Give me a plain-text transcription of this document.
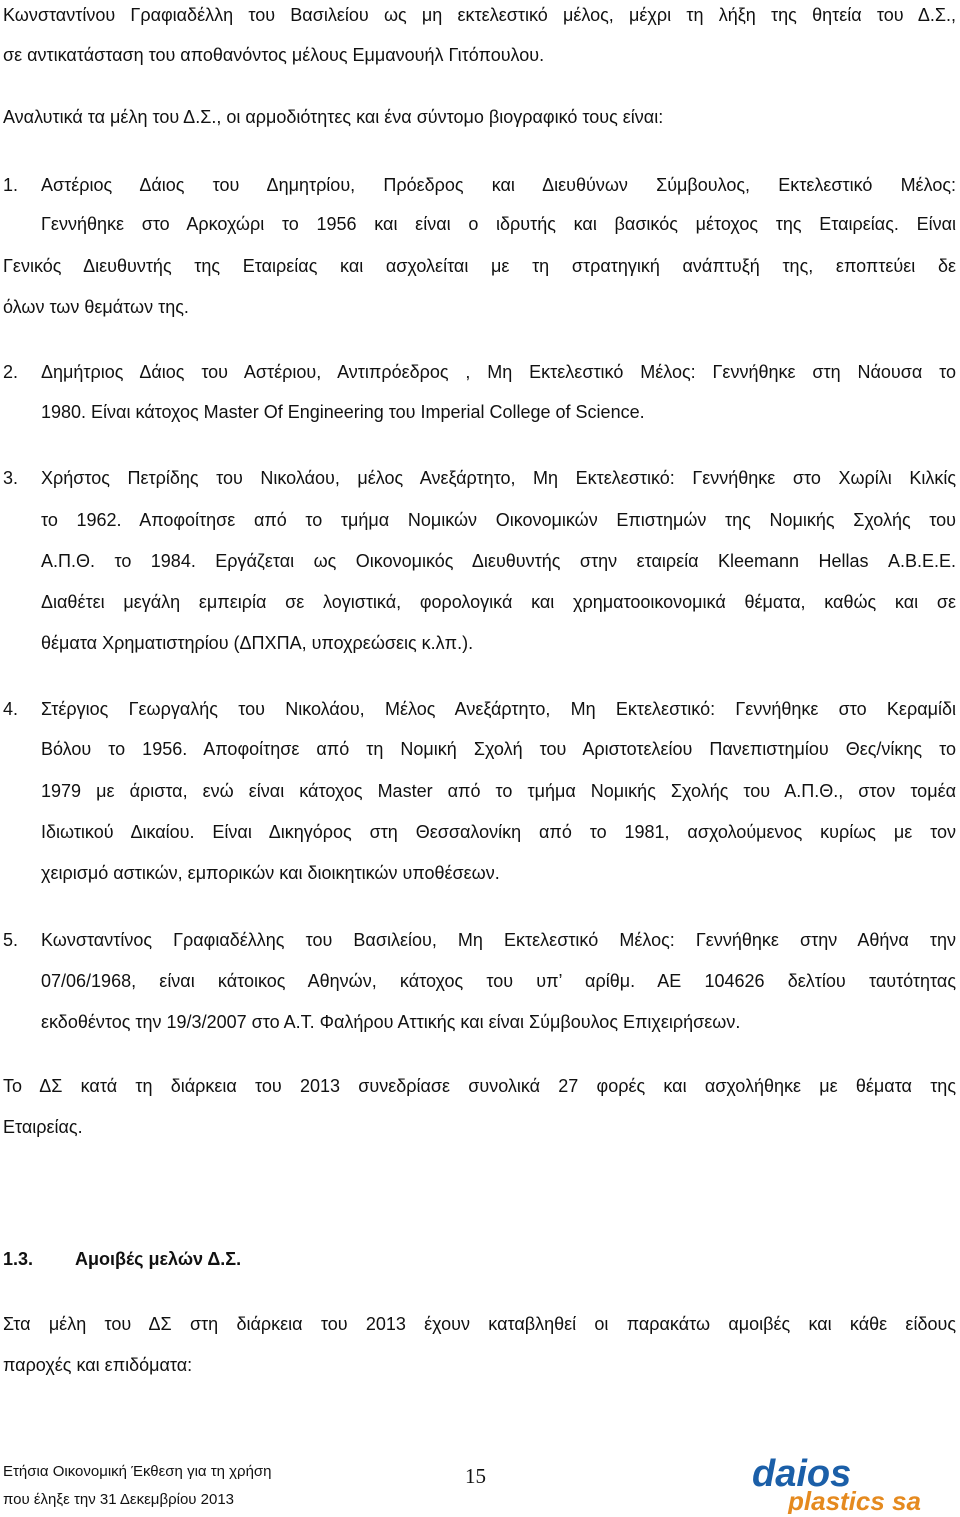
Κωνσταντίνου Γραφιαδέλλη του Βασιλείου ως μη εκτελεστικό μέλος, μέχρι τη λήξη της θητεία του Δ.Σ.,
σε αντικατάσταση του αποθανόντος μέλους Εμμανουήλ Γιτόπουλου.
Αναλυτικά τα μέλη του Δ.Σ., οι αρμοδιότητες και ένα σύντομο βιογραφικό τους είναι:
1. Αστέριος Δάιος του Δημητρίου, Πρόεδρος και Διευθύνων Σύμβουλος, Εκτελεστικό Μέλος:
Γεννήθηκε στο Αρκοχώρι το 1956 και είναι ο ιδρυτής και βασικός μέτοχος της Εταιρείας. Είναι
Γενικός Διευθυντής της Εταιρείας και ασχολείται με τη στρατηγική ανάπτυξή της, εποπτεύει δε
όλων των θεμάτων της.
2. Δημήτριος Δάιος του Αστέριου, Αντιπρόεδρος , Μη Εκτελεστικό Μέλος: Γεννήθηκε στη Νάουσα το
1980. Είναι κάτοχος Master Of Engineering του Imperial College of Science.
3. Χρήστος Πετρίδης του Νικολάου, μέλος Ανεξάρτητο, Μη Εκτελεστικό: Γεννήθηκε στο Χωρίλι Κιλκίς
το 1962. Αποφοίτησε από το τμήμα Νομικών Οικονομικών Επιστημών της Νομικής Σχολής του
Α.Π.Θ. το 1984. Εργάζεται ως Οικονομικός Διευθυντής στην εταιρεία Kleemann Hellas Α.Β.Ε.Ε.
Διαθέτει μεγάλη εμπειρία σε λογιστικά, φορολογικά και χρηματοοικονομικά θέματα, καθώς και σε
θέματα Χρηματιστηρίου (ΔΠΧΠΑ, υποχρεώσεις κ.λπ.).
4. Στέργιος Γεωργαλής του Νικολάου, Μέλος Ανεξάρτητο, Μη Εκτελεστικό: Γεννήθηκε στο Κεραμίδι
Βόλου το 1956. Αποφοίτησε από τη Νομική Σχολή του Αριστοτελείου Πανεπιστημίου Θες/νίκης το
1979 με άριστα, ενώ είναι κάτοχος Master από το τμήμα Νομικής Σχολής του Α.Π.Θ., στον τομέα
Ιδιωτικού Δικαίου. Είναι Δικηγόρος στη Θεσσαλονίκη από το 1981, ασχολούμενος κυρίως με τον
χειρισμό αστικών, εμπορικών και διοικητικών υποθέσεων.
5. Κωνσταντίνος Γραφιαδέλλης του Βασιλείου, Μη Εκτελεστικό Μέλος: Γεννήθηκε στην Αθήνα την
07/06/1968, είναι κάτοικος Αθηνών, κάτοχος του υπ’ αρίθμ. ΑΕ 104626 δελτίου ταυτότητας
εκδοθέντος την 19/3/2007 στο Α.Τ. Φαλήρου Αττικής και είναι Σύμβουλος Επιχειρήσεων.
Το ΔΣ κατά τη διάρκεια του 2013 συνεδρίασε συνολικά 27 φορές και ασχολήθηκε με θέματα της
Εταιρείας.
1.3. Αμοιβές μελών Δ.Σ.
Στα μέλη του ΔΣ στη διάρκεια του 2013 έχουν καταβληθεί οι παρακάτω αμοιβές και κάθε είδους
παροχές και επιδόματα:
Ετήσια Οικονομική Έκθεση για τη χρήση
που έληξε την 31 Δεκεμβρίου 2013
15	daios
plastics sa
